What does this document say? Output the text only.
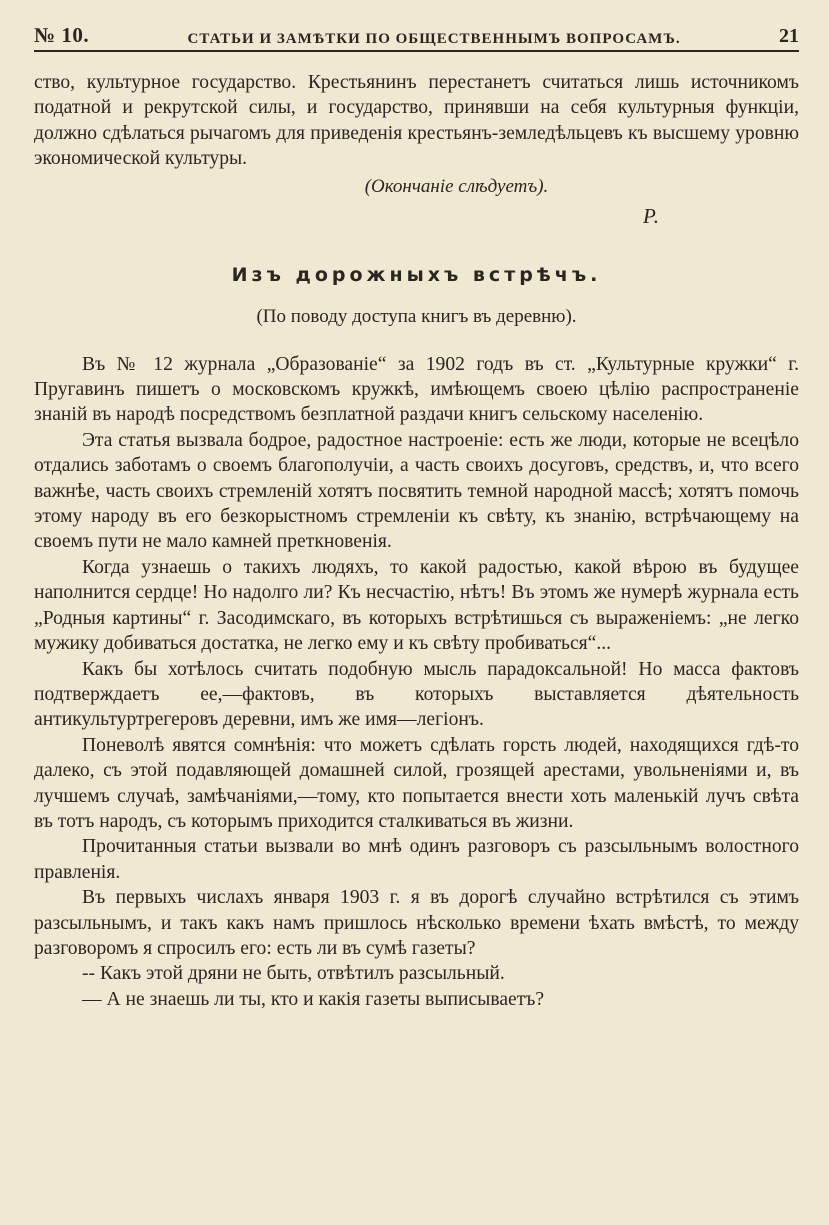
№ 10.	СТАТЬИ И ЗАМѢТКИ ПО ОБЩЕСТВЕННЫМЪ ВОПРОСАМЪ.	21

ство, культурное государство. Крестьянинъ перестанетъ считаться лишь источникомъ податной и рекрутской силы, и государство, принявши на себя культурныя функціи, должно сдѣлаться рычагомъ для приведенія крестьянъ-земледѣльцевъ къ высшему уровню экономической культуры.

(Окончаніе слѣдуетъ).
Р.
Изъ дорожныхъ встрѣчъ.
(По поводу доступа книгъ въ деревню).

Въ № 12 журнала „Образованіе“ за 1902 годъ въ ст. „Культурные кружки“ г. Пругавинъ пишетъ о московскомъ кружкѣ, имѣющемъ своею цѣлію распространеніе знаній въ народѣ посредствомъ безплатной раздачи книгъ сельскому населенію.

Эта статья вызвала бодрое, радостное настроеніе: есть же люди, которые не всецѣло отдались заботамъ о своемъ благополучіи, а часть своихъ досуговъ, средствъ, и, что всего важнѣе, часть своихъ стремленій хотятъ посвятить темной народной массѣ; хотятъ помочь этому народу въ его безкорыстномъ стремленіи къ свѣту, къ знанію, встрѣчающему на своемъ пути не мало камней преткновенія.

Когда узнаешь о такихъ людяхъ, то какой радостью, какой вѣрою въ будущее наполнится сердце! Но надолго ли? Къ несчастію, нѣтъ! Въ этомъ же нумерѣ журнала есть „Родныя картины“ г. Засодимскаго, въ которыхъ встрѣтишься съ выраженіемъ: „не легко мужику добиваться достатка, не легко ему и къ свѣту пробиваться“...

Какъ бы хотѣлось считать подобную мысль парадоксальной! Но масса фактовъ подтверждаетъ ее,—фактовъ, въ которыхъ выставляется дѣятельность антикультуртрегеровъ деревни, имъ же имя—легіонъ.

Поневолѣ явятся сомнѣнія: что можетъ сдѣлать горсть людей, находящихся гдѣ-то далеко, съ этой подавляющей домашней силой, грозящей арестами, увольненіями и, въ лучшемъ случаѣ, замѣчаніями,—тому, кто попытается внести хоть маленькій лучъ свѣта въ тотъ народъ, съ которымъ приходится сталкиваться въ жизни.

Прочитанныя статьи вызвали во мнѣ одинъ разговоръ съ разсыльнымъ волостного правленія.

Въ первыхъ числахъ января 1903 г. я въ дорогѣ случайно встрѣтился съ этимъ разсыльнымъ, и такъ какъ намъ пришлось нѣсколько времени ѣхать вмѣстѣ, то между разговоромъ я спросилъ его: есть ли въ сумѣ газеты?

-- Какъ этой дряни не быть, отвѣтилъ разсыльный.

— А не знаешь ли ты, кто и какія газеты выписываетъ?
